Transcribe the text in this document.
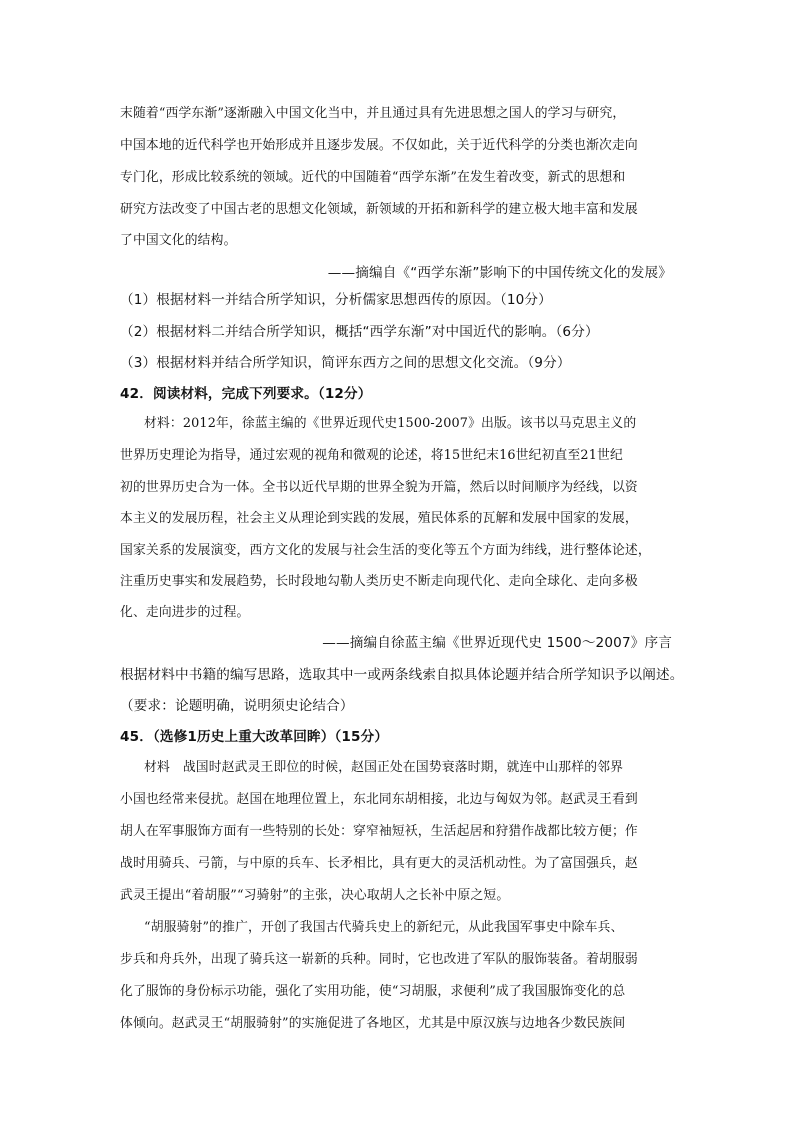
末随着“西学东渐”逐渐融入中国文化当中，并且通过具有先进思想之国人的学习与研究，
中国本地的近代科学也开始形成并且逐步发展。不仅如此，关于近代科学的分类也渐次走向
专门化，形成比较系统的领域。近代的中国随着“西学东渐”在发生着改变，新式的思想和
研究方法改变了中国古老的思想文化领域，新领域的开拓和新科学的建立极大地丰富和发展
了中国文化的结构。
——摘编自《“西学东渐”影响下的中国传统文化的发展》
（1）根据材料一并结合所学知识，分析儒家思想西传的原因。（10分）
（2）根据材料二并结合所学知识，概括“西学东渐”对中国近代的影响。（6分）
（3）根据材料并结合所学知识，简评东西方之间的思想文化交流。（9分）
42．阅读材料，完成下列要求。（12分）
材料：2012年，徐蓝主编的《世界近现代史1500-2007》出版。该书以马克思主义的
世界历史理论为指导，通过宏观的视角和微观的论述，将15世纪末16世纪初直至21世纪
初的世界历史合为一体。全书以近代早期的世界全貌为开篇，然后以时间顺序为经线，以资
本主义的发展历程，社会主义从理论到实践的发展，殖民体系的瓦解和发展中国家的发展，
国家关系的发展演变，西方文化的发展与社会生活的变化等五个方面为纬线，进行整体论述，
注重历史事实和发展趋势，长时段地勾勒人类历史不断走向现代化、走向全球化、走向多极
化、走向进步的过程。
——摘编自徐蓝主编《世界近现代史 1500～2007》序言
根据材料中书籍的编写思路，选取其中一或两条线索自拟具体论题并结合所学知识予以阐述。
（要求：论题明确，说明须史论结合）
45．（选修1历史上重大改革回眸）（15分）
材料　战国时赵武灵王即位的时候，赵国正处在国势衰落时期，就连中山那样的邻界
小国也经常来侵扰。赵国在地理位置上，东北同东胡相接，北边与匈奴为邻。赵武灵王看到
胡人在军事服饰方面有一些特别的长处：穿窄袖短袄，生活起居和狩猎作战都比较方便；作
战时用骑兵、弓箭，与中原的兵车、长矛相比，具有更大的灵活机动性。为了富国强兵，赵
武灵王提出“着胡服”“习骑射”的主张，决心取胡人之长补中原之短。
“胡服骑射”的推广，开创了我国古代骑兵史上的新纪元，从此我国军事史中除车兵、
步兵和舟兵外，出现了骑兵这一崭新的兵种。同时，它也改进了军队的服饰装备。着胡服弱
化了服饰的身份标示功能，强化了实用功能，使“习胡服，求便利”成了我国服饰变化的总
体倾向。赵武灵王“胡服骑射”的实施促进了各地区，尤其是中原汉族与边地各少数民族间
